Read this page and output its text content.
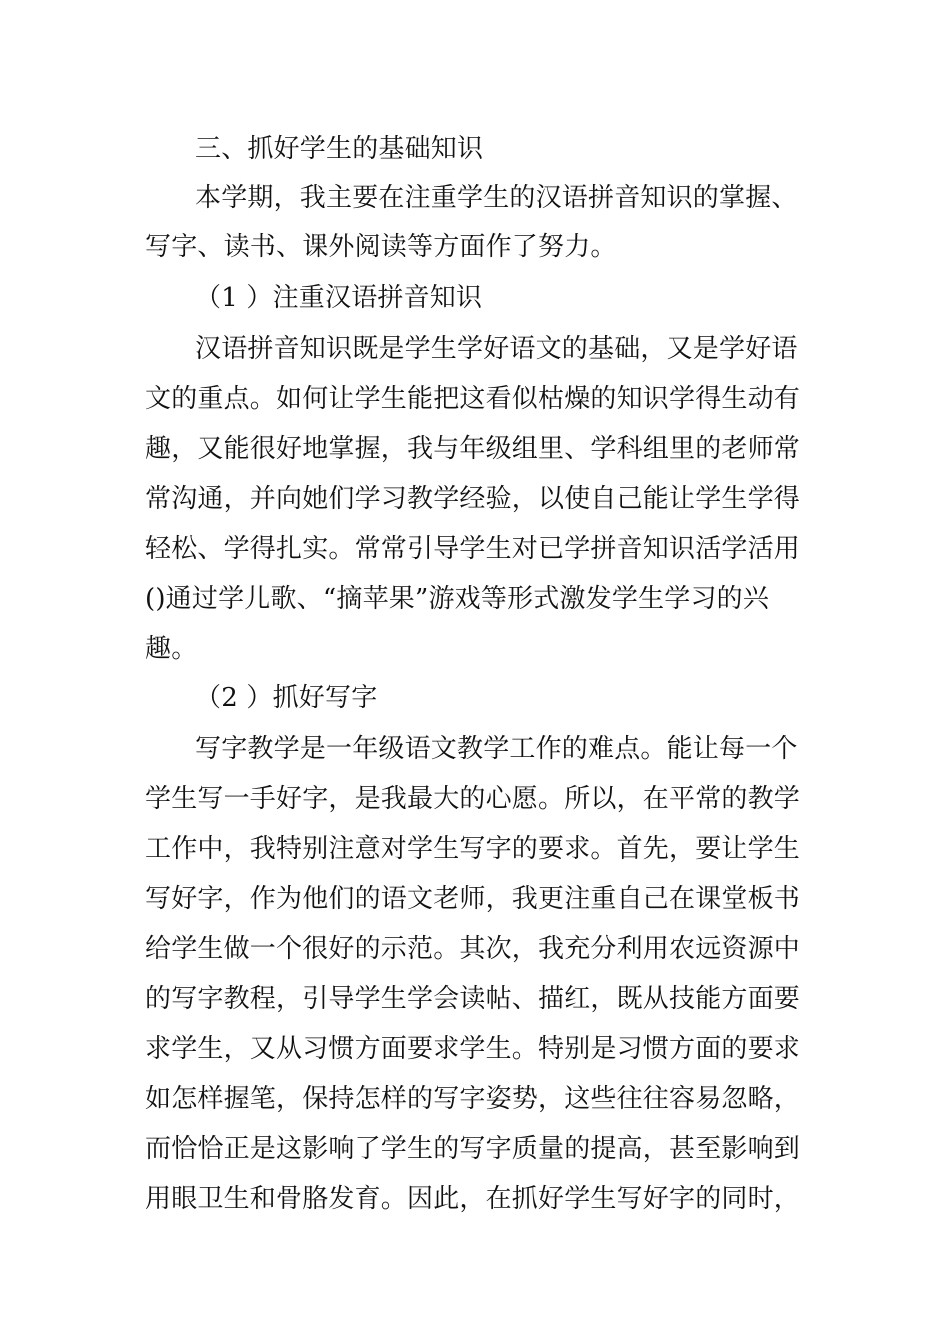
三、抓好学生的基础知识
本学期，我主要在注重学生的汉语拼音知识的掌握、
写字、读书、课外阅读等方面作了努力。
（1 ）注重汉语拼音知识
汉语拼音知识既是学生学好语文的基础，又是学好语
文的重点。如何让学生能把这看似枯燥的知识学得生动有
趣，又能很好地掌握，我与年级组里、学科组里的老师常
常沟通，并向她们学习教学经验，以使自己能让学生学得
轻松、学得扎实。常常引导学生对已学拼音知识活学活用
()通过学儿歌、“摘苹果”游戏等形式激发学生学习的兴
趣。
（2 ）抓好写字
写字教学是一年级语文教学工作的难点。能让每一个
学生写一手好字，是我最大的心愿。所以，在平常的教学
工作中，我特别注意对学生写字的要求。首先，要让学生
写好字，作为他们的语文老师，我更注重自己在课堂板书
给学生做一个很好的示范。其次，我充分利用农远资源中
的写字教程，引导学生学会读帖、描红，既从技能方面要
求学生，又从习惯方面要求学生。特别是习惯方面的要求
如怎样握笔，保持怎样的写字姿势，这些往往容易忽略，
而恰恰正是这影响了学生的写字质量的提高，甚至影响到
用眼卫生和骨胳发育。因此，在抓好学生写好字的同时，
